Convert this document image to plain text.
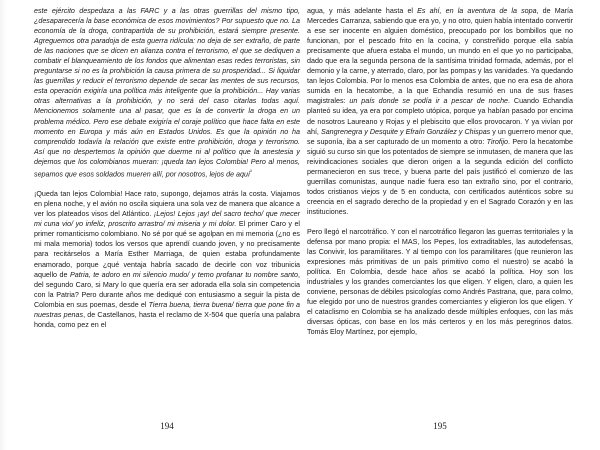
este ejército despedaza a las FARC y a las otras guerrillas del mismo tipo, ¿desaparecería la base económica de esos movimientos? Por supuesto que no. La economía de la droga, contrapartida de su prohibición, estará siempre presente. Agreguemos otra paradoja de esta guerra ridícula: no deja de ser extraño, de parte de las naciones que se dicen en alianza contra el terrorismo, el que se dediquen a combatir el blanqueamiento de los fondos que alimentan esas redes terroristas, sin preguntarse si no es la prohibición la causa primera de su prosperidad... Si liquidar las guerrillas y reducir el terrorismo depende de secar las mentes de sus recursos, esta operación exigiría una política más inteligente que la prohibición... Hay varias otras alternativas a la prohibición, y no será del caso citarlas todas aquí. Mencionemos solamente una al pasar, que es la de convertir la droga en un problema médico. Pero ese debate exigiría el coraje político que hace falta en este momento en Europa y más aún en Estados Unidos. Es que la opinión no ha comprendido todavía la relación que existe entre prohibición, droga y terrorismo. Así que no despertemos la opinión que duerme ni al político que la anestesia y dejemos que los colombianos mueran: ¡queda tan lejos Colombia! Pero al menos, sepamos que esos soldados mueren allí, por nosotros, lejos de aquí$^{^3}$

¡Queda tan lejos Colombia! Hace rato, supongo, dejamos atrás la costa. Viajamos en plena noche, y el avión no oscila siquiera una sola vez de manera que alcance a ver los plateados visos del Atlántico. ¡Lejos! Lejos ¡ay! del sacro techo/ que mecer mi cuna vio/ yo infeliz, proscrito arrastro/ mi miseria y mi dolor. El primer Caro y el primer romanticismo colombiano. No sé por qué se agolpan en mi memoria (¿no es mi mala memoria) todos los versos que aprendí cuando joven, y no precisamente para recitárselos a María Esther Marriaga, de quien estaba profundamente enamorado, porque ¿qué ventaja habría sacado de decirle con voz tribunicia aquello de Patria, te adoro en mi silencio mudo/ y temo profanar tu nombre santo, del segundo Caro, si Mary lo que quería era ser adorada ella sola sin competencia con la Patria? Pero durante años me dediqué con entusiasmo a seguir la pista de Colombia en sus poemas, desde el Tierra buena, tierra buena/ tierra que pone fin a nuestras penas, de Castellanos, hasta el reclamo de X-504 que quería una palabra honda, como pez en el

194

agua, y más adelante hasta el Es ahí, en la aventura de la sopa, de María Mercedes Carranza, sabiendo que era yo, y no otro, quien había intentado convertir a ese ser inocente en alguien doméstico, preocupado por los bombillos que no funcionan, por el pescado frito en la cocina, y constreñido porque ella sabía precisamente que afuera estaba el mundo, un mundo en el que yo no participaba, dado que era la segunda persona de la santísima trinidad formada, además, por el demonio y la carne, y aterrado, claro, por las pompas y las vanidades. Ya quedando tan lejos Colombia. Por lo menos esa Colombia de antes, que no era esa de ahora sumida en la hecatombe, a la que Echandía resumió en una de sus frases magistrales: un país donde se podía ir a pescar de noche. Cuando Echandía planteó su idea, ya era por completo utópica, porque ya habían pasado por encima de nosotros Laureano y Rojas y el plebiscito que ellos provocaron. Y ya vivían por ahí, Sangrenegra y Desquite y Efraín González y Chispas y un guerrero menor que, se suponía, iba a ser capturado de un momento a otro: Tirofijo. Pero la hecatombe siguió su curso sin que los potentados de siempre se inmutasen, de manera que las reivindicaciones sociales que dieron origen a la segunda edición del conflicto permanecieron en sus trece, y buena parte del país justificó el comienzo de las guerrillas comunistas, aunque nadie fuera eso tan extraño sino, por el contrario, todos cristianos viejos y de 5 en conducta, con certificados auténticos sobre su creencia en el sagrado derecho de la propiedad y en el Sagrado Corazón y en las instituciones.

Pero llegó el narcotráfico. Y con el narcotráfico llegaron las guerras territoriales y la defensa por mano propia: el MAS, los Pepes, los extraditables, las autodefensas, las Convivir, los paramilitares. Y al tiempo con los paramilitares (que reunieron las expresiones más primitivas de un país primitivo como el nuestro) se acabó la política. En Colombia, desde hace años se acabó la política. Hoy son los industriales y los grandes comerciantes los que eligen. Y eligen, claro, a quien les conviene, personas de débiles psicologías como Andrés Pastrana, que, para colmo, fue elegido por uno de nuestros grandes comerciantes y eligieron los que eligen. Y el cataclismo en Colombia se ha analizado desde múltiples enfoques, con las más diversas ópticas, con base en los más certeros y en los más peregrinos datos. Tomás Eloy Martínez, por ejemplo,

195
